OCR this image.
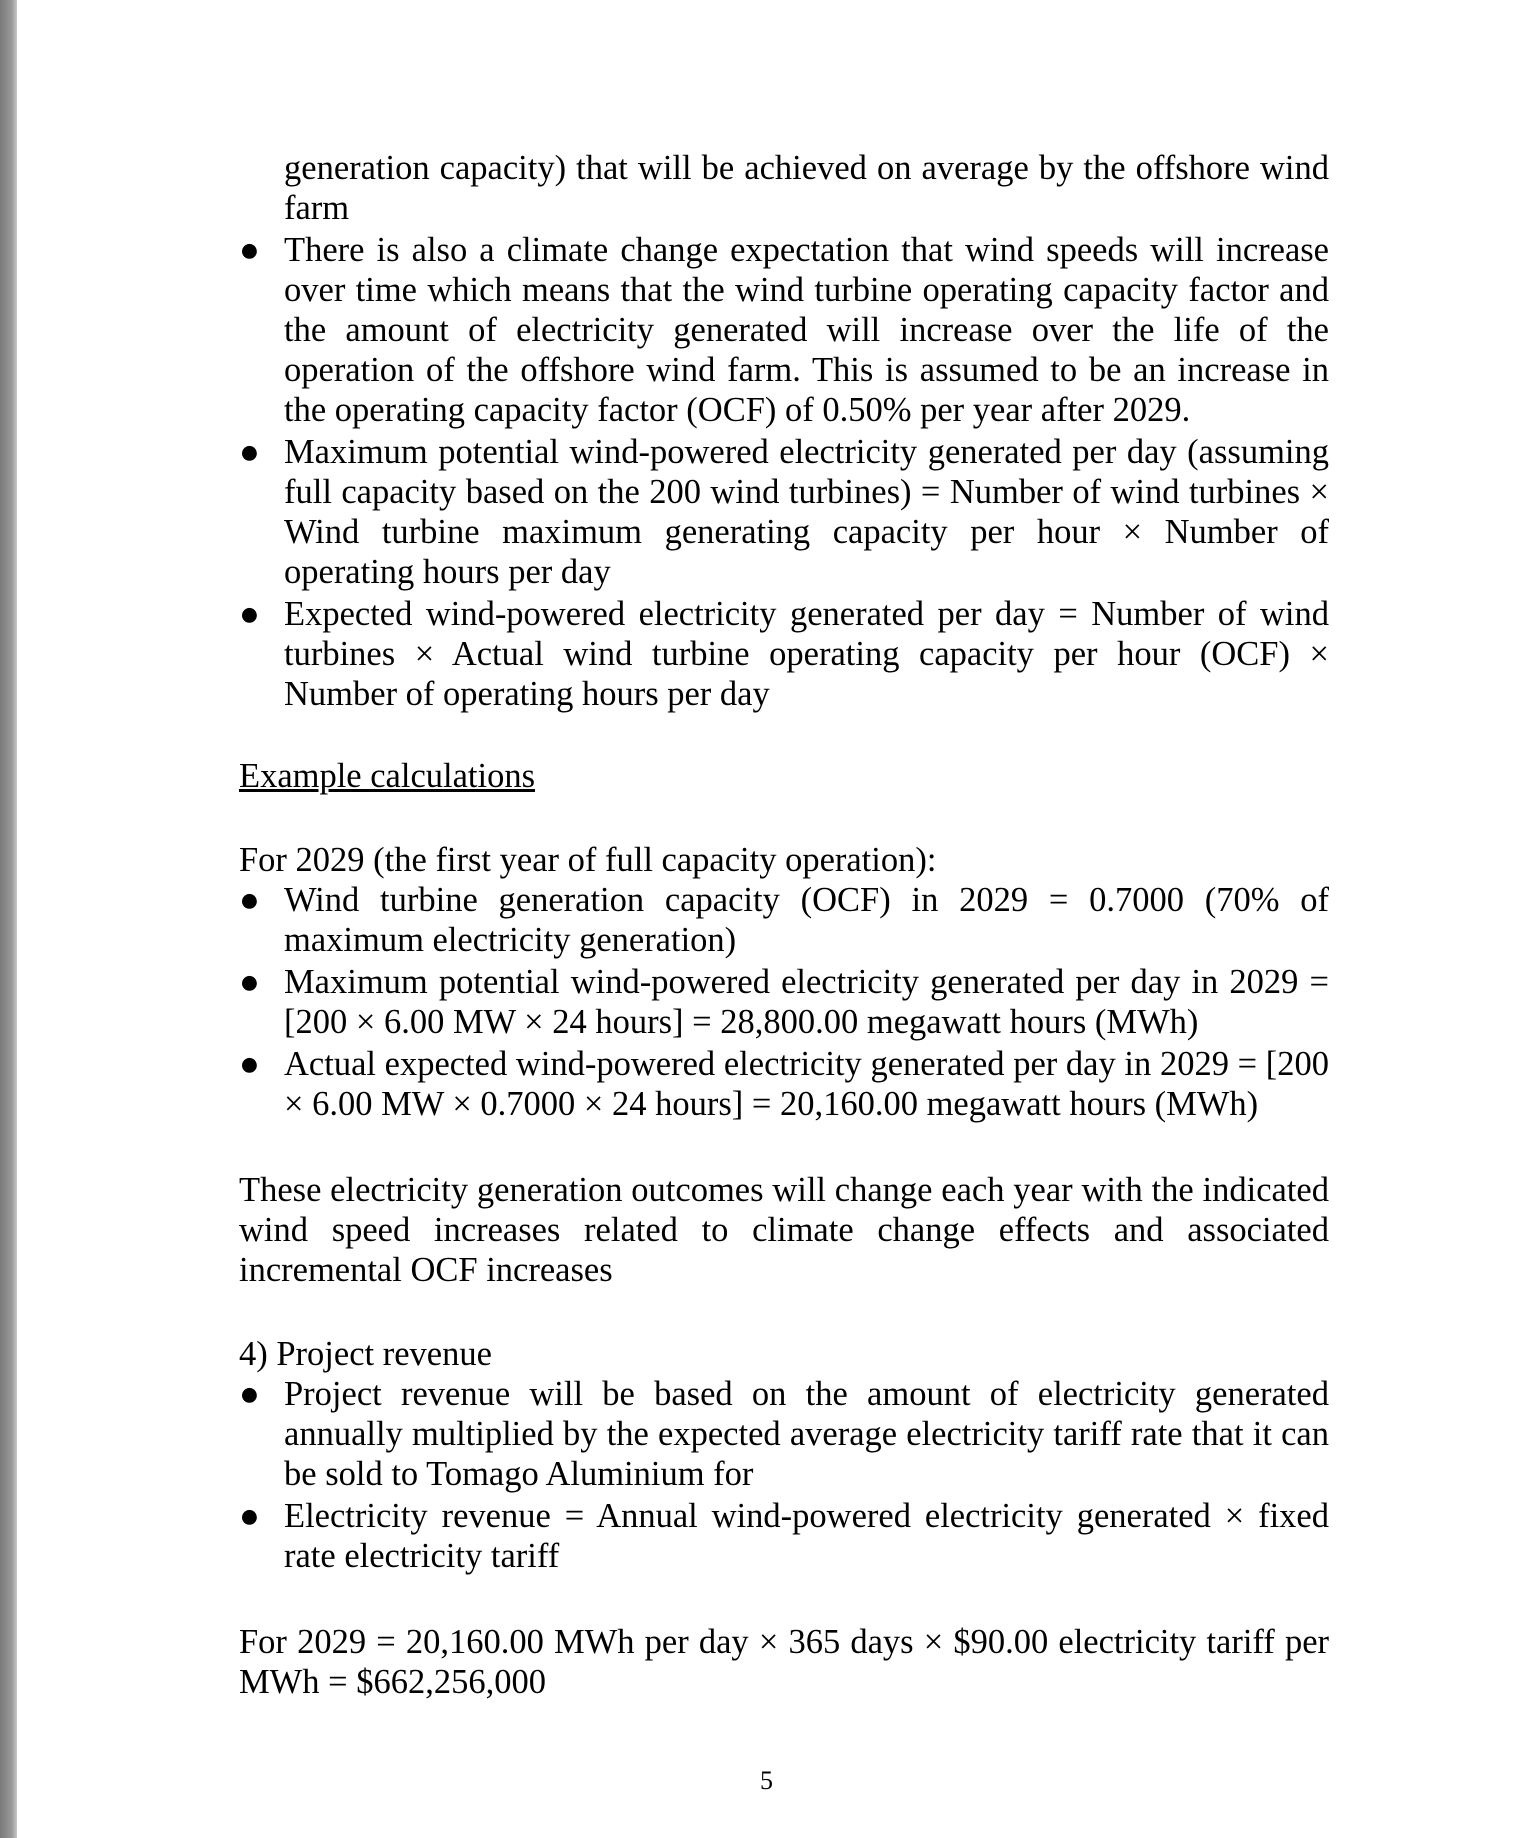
generation capacity) that will be achieved on average by the offshore wind farm
● There is also a climate change expectation that wind speeds will increase over time which means that the wind turbine operating capacity factor and the amount of electricity generated will increase over the life of the operation of the offshore wind farm. This is assumed to be an increase in the operating capacity factor (OCF) of 0.50% per year after 2029.
● Maximum potential wind-powered electricity generated per day (assuming full capacity based on the 200 wind turbines) = Number of wind turbines × Wind turbine maximum generating capacity per hour × Number of operating hours per day
● Expected wind-powered electricity generated per day = Number of wind turbines × Actual wind turbine operating capacity per hour (OCF) × Number of operating hours per day

Example calculations

For 2029 (the first year of full capacity operation):

● Wind turbine generation capacity (OCF) in 2029 = 0.7000 (70% of maximum electricity generation)
● Maximum potential wind-powered electricity generated per day in 2029 = [200 × 6.00 MW × 24 hours] = 28,800.00 megawatt hours (MWh)
● Actual expected wind-powered electricity generated per day in 2029 = [200 × 6.00 MW × 0.7000 × 24 hours] = 20,160.00 megawatt hours (MWh)

These electricity generation outcomes will change each year with the indicated wind speed increases related to climate change effects and associated incremental OCF increases

4) Project revenue

● Project revenue will be based on the amount of electricity generated annually multiplied by the expected average electricity tariff rate that it can be sold to Tomago Aluminium for
● Electricity revenue = Annual wind-powered electricity generated × fixed rate electricity tariff

For 2029 = 20,160.00 MWh per day × 365 days × $90.00 electricity tariff per MWh = $662,256,000

5
